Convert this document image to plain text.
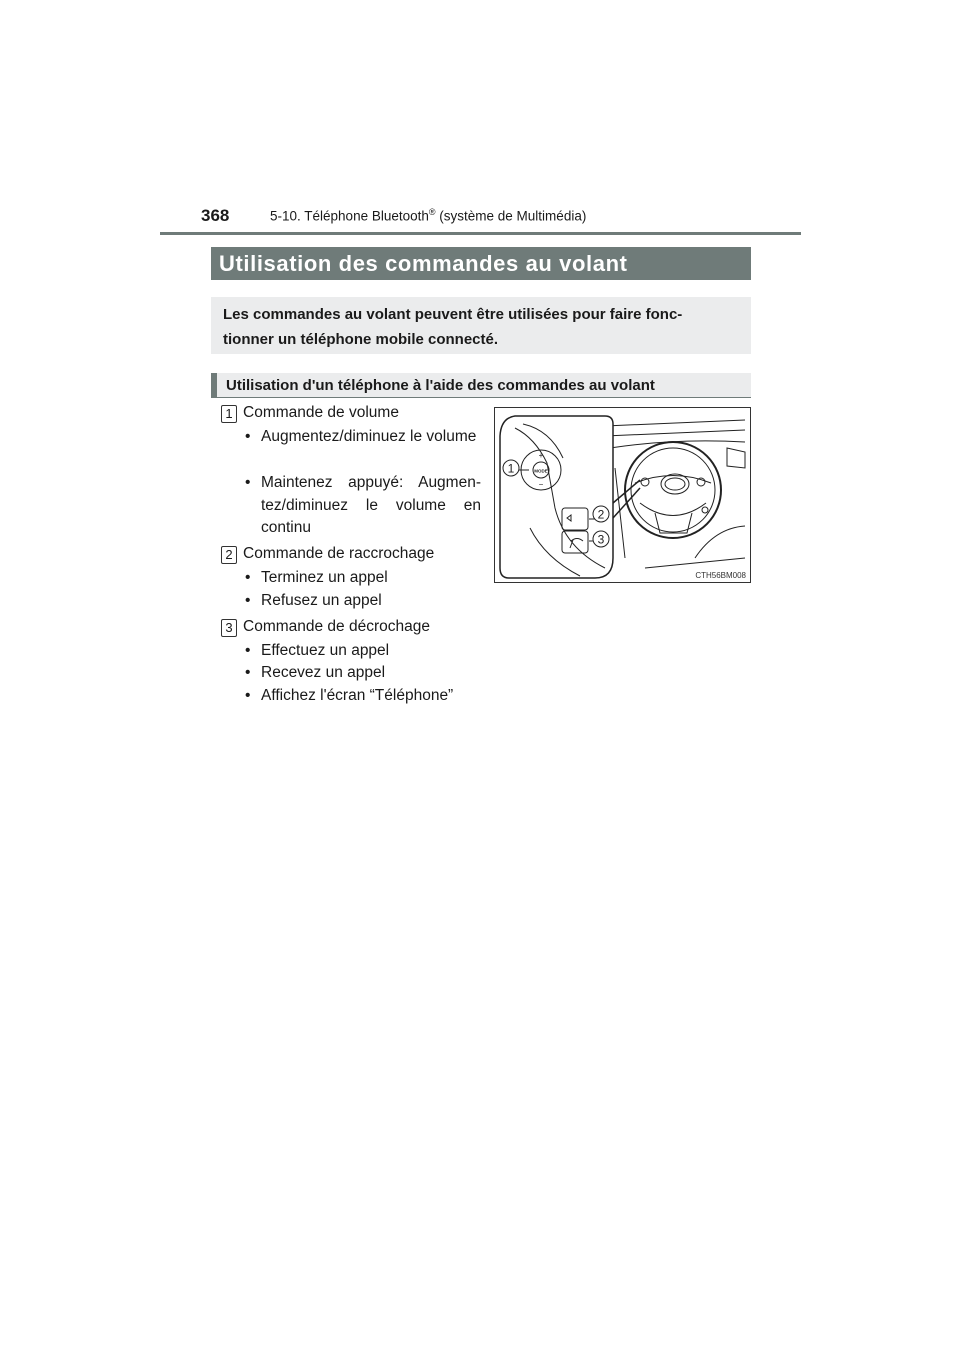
368	5-10. Téléphone Bluetooth® (système de Multimédia)
Utilisation des commandes au volant
Les commandes au volant peuvent être utilisées pour faire fonc-
tionner un téléphone mobile connecté.
Utilisation d'un téléphone à l'aide des commandes au volant
1 Commande de volume
• Augmentez/diminuez le volume
• Maintenez appuyé: Augmen-tez/diminuez le volume en continu
2 Commande de raccrochage
• Terminez un appel
• Refusez un appel
3 Commande de décrochage
• Effectuez un appel
• Recevez un appel
• Affichez l'écran “Téléphone”
MODE
+
−
1
2
3
CTH56BM008
